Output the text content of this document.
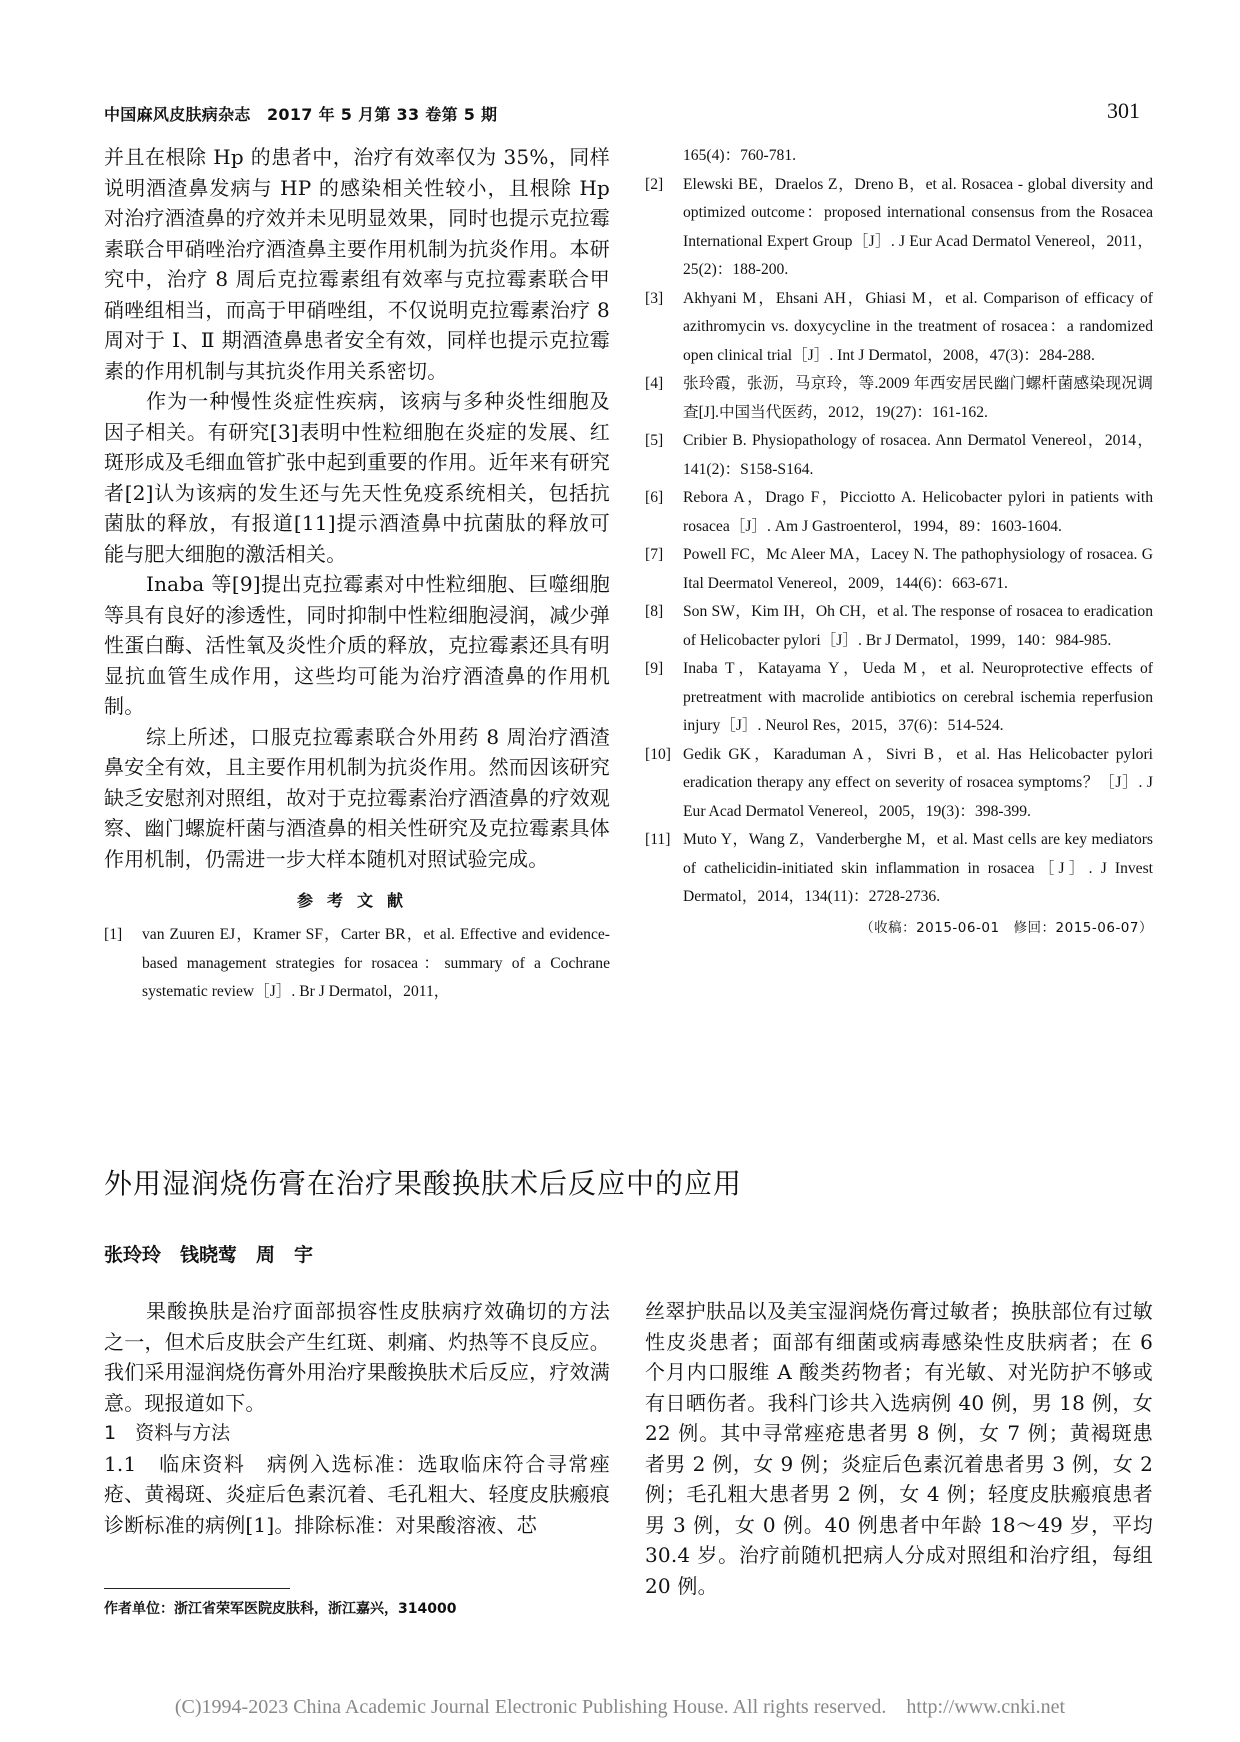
中国麻风皮肤病杂志　2017 年 5 月第 33 卷第 5 期	301

并且在根除 Hp 的患者中，治疗有效率仅为 35%，同样说明酒渣鼻发病与 HP 的感染相关性较小，且根除 Hp 对治疗酒渣鼻的疗效并未见明显效果，同时也提示克拉霉素联合甲硝唑治疗酒渣鼻主要作用机制为抗炎作用。本研究中，治疗 8 周后克拉霉素组有效率与克拉霉素联合甲硝唑组相当，而高于甲硝唑组，不仅说明克拉霉素治疗 8 周对于 Ⅰ、Ⅱ 期酒渣鼻患者安全有效，同样也提示克拉霉素的作用机制与其抗炎作用关系密切。

作为一种慢性炎症性疾病，该病与多种炎性细胞及因子相关。有研究[3]表明中性粒细胞在炎症的发展、红斑形成及毛细血管扩张中起到重要的作用。近年来有研究者[2]认为该病的发生还与先天性免疫系统相关，包括抗菌肽的释放，有报道[11]提示酒渣鼻中抗菌肽的释放可能与肥大细胞的激活相关。

Inaba 等[9]提出克拉霉素对中性粒细胞、巨噬细胞等具有良好的渗透性，同时抑制中性粒细胞浸润，减少弹性蛋白酶、活性氧及炎性介质的释放，克拉霉素还具有明显抗血管生成作用，这些均可能为治疗酒渣鼻的作用机制。

综上所述，口服克拉霉素联合外用药 8 周治疗酒渣鼻安全有效，且主要作用机制为抗炎作用。然而因该研究缺乏安慰剂对照组，故对于克拉霉素治疗酒渣鼻的疗效观察、幽门螺旋杆菌与酒渣鼻的相关性研究及克拉霉素具体作用机制，仍需进一步大样本随机对照试验完成。

参考文献
[1]	van Zuuren EJ，Kramer SF，Carter BR，et al. Effective and evidence-based management strategies for rosacea：summary of a Cochrane systematic review［J］. Br J Dermatol，2011，
165(4)：760-781.
[2]	Elewski BE，Draelos Z，Dreno B，et al. Rosacea - global diversity and optimized outcome：proposed international consensus from the Rosacea International Expert Group［J］. J Eur Acad Dermatol Venereol，2011，25(2)：188-200.
[3]	Akhyani M，Ehsani AH，Ghiasi M，et al. Comparison of efficacy of azithromycin vs. doxycycline in the treatment of rosacea：a randomized open clinical trial［J］. Int J Dermatol，2008，47(3)：284-288.
[4]	张玲霞，张沥，马京玲，等.2009 年西安居民幽门螺杆菌感染现况调查[J].中国当代医药，2012，19(27)：161-162.
[5]	Cribier B. Physiopathology of rosacea. Ann Dermatol Venereol，2014，141(2)：S158-S164.
[6]	Rebora A，Drago F，Picciotto A. Helicobacter pylori in patients with rosacea［J］. Am J Gastroenterol，1994，89：1603-1604.
[7]	Powell FC，Mc Aleer MA，Lacey N. The pathophysiology of rosacea. G Ital Deermatol Venereol，2009，144(6)：663-671.
[8]	Son SW，Kim IH，Oh CH，et al. The response of rosacea to eradication of Helicobacter pylori［J］. Br J Dermatol，1999，140：984-985.
[9]	Inaba T，Katayama Y，Ueda M，et al. Neuroprotective effects of pretreatment with macrolide antibiotics on cerebral ischemia reperfusion injury［J］. Neurol Res，2015，37(6)：514-524.
[10] Gedik GK，Karaduman A，Sivri B，et al. Has Helicobacter pylori eradication therapy any effect on severity of rosacea symptoms？［J］. J Eur Acad Dermatol Venereol，2005，19(3)：398-399.
[11] Muto Y，Wang Z，Vanderberghe M，et al. Mast cells are key mediators of cathelicidin-initiated skin inflammation in rosacea［J］. J Invest Dermatol，2014，134(11)：2728-2736.
（收稿：2015-06-01　修回：2015-06-07）
外用湿润烧伤膏在治疗果酸换肤术后反应中的应用
张玲玲　钱晓莺　周　宇

果酸换肤是治疗面部损容性皮肤病疗效确切的方法之一，但术后皮肤会产生红斑、刺痛、灼热等不良反应。我们采用湿润烧伤膏外用治疗果酸换肤术后反应，疗效满意。现报道如下。

1　资料与方法

1.1　临床资料　病例入选标准：选取临床符合寻常痤疮、黄褐斑、炎症后色素沉着、毛孔粗大、轻度皮肤瘢痕诊断标准的病例[1]。排除标准：对果酸溶液、芯

丝翠护肤品以及美宝湿润烧伤膏过敏者；换肤部位有过敏性皮炎患者；面部有细菌或病毒感染性皮肤病者；在 6 个月内口服维 A 酸类药物者；有光敏、对光防护不够或有日晒伤者。我科门诊共入选病例 40 例，男 18 例，女 22 例。其中寻常痤疮患者男 8 例，女 7 例；黄褐斑患者男 2 例，女 9 例；炎症后色素沉着患者男 3 例，女 2 例；毛孔粗大患者男 2 例，女 4 例；轻度皮肤瘢痕患者男 3 例，女 0 例。40 例患者中年龄 18～49 岁，平均 30.4 岁。治疗前随机把病人分成对照组和治疗组，每组 20 例。

作者单位：浙江省荣军医院皮肤科，浙江嘉兴，314000
(C)1994-2023 China Academic Journal Electronic Publishing House. All rights reserved.　http://www.cnki.net
